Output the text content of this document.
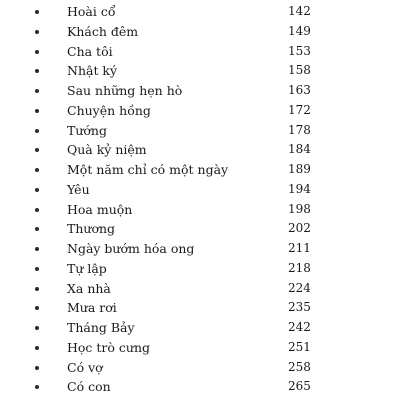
Hoài cổ	142
Khách đêm	149
Cha tôi	153
Nhật ký	158
Sau những hẹn hò	163
Chuyện hồng	172
Tướng	178
Quà kỷ niệm	184
Một năm chỉ có một ngày	189
Yêu	194
Hoa muộn	198
Thương	202
Ngày bướm hóa ong	211
Tự lập	218
Xa nhà	224
Mưa rơi	235
Tháng Bảy	242
Học trò cưng	251
Có vợ	258
Có con	265
